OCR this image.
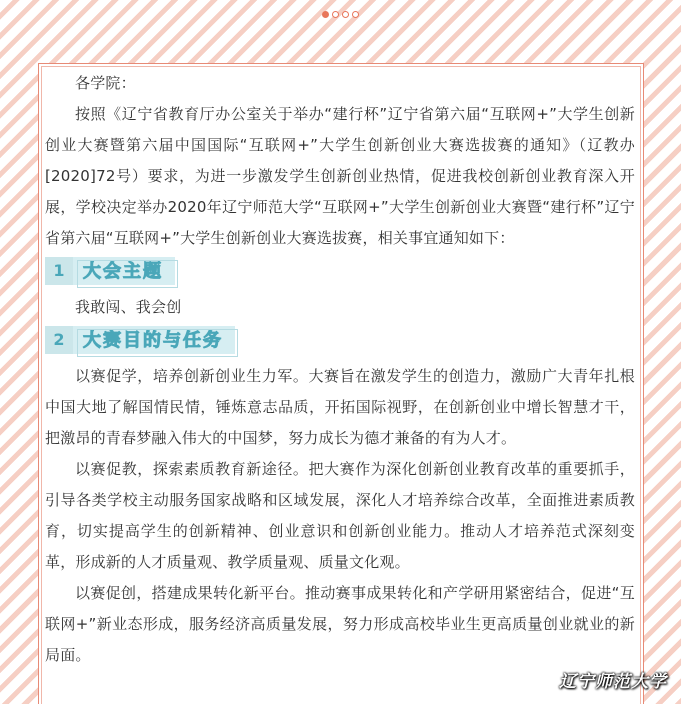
各学院：

按照《辽宁省教育厅办公室关于举办“建行杯”辽宁省第六届“互联网+”大学生创新创业大赛暨第六届中国国际“互联网+”大学生创新创业大赛选拔赛的通知》（辽教办[2020]72号）要求，为进一步激发学生创新创业热情，促进我校创新创业教育深入开展，学校决定举办2020年辽宁师范大学“互联网+”大学生创新创业大赛暨“建行杯”辽宁省第六届“互联网+”大学生创新创业大赛选拔赛，相关事宜通知如下：

1	大会主题

我敢闯、我会创

2	大赛目的与任务

以赛促学，培养创新创业生力军。大赛旨在激发学生的创造力，激励广大青年扎根中国大地了解国情民情，锤炼意志品质，开拓国际视野，在创新创业中增长智慧才干，把激昂的青春梦融入伟大的中国梦，努力成长为德才兼备的有为人才。

以赛促教，探索素质教育新途径。把大赛作为深化创新创业教育改革的重要抓手，引导各类学校主动服务国家战略和区域发展，深化人才培养综合改革，全面推进素质教育，切实提高学生的创新精神、创业意识和创新创业能力。推动人才培养范式深刻变革，形成新的人才质量观、教学质量观、质量文化观。

以赛促创，搭建成果转化新平台。推动赛事成果转化和产学研用紧密结合，促进“互联网+”新业态形成，服务经济高质量发展，努力形成高校毕业生更高质量创业就业的新局面。

辽宁师范大学
